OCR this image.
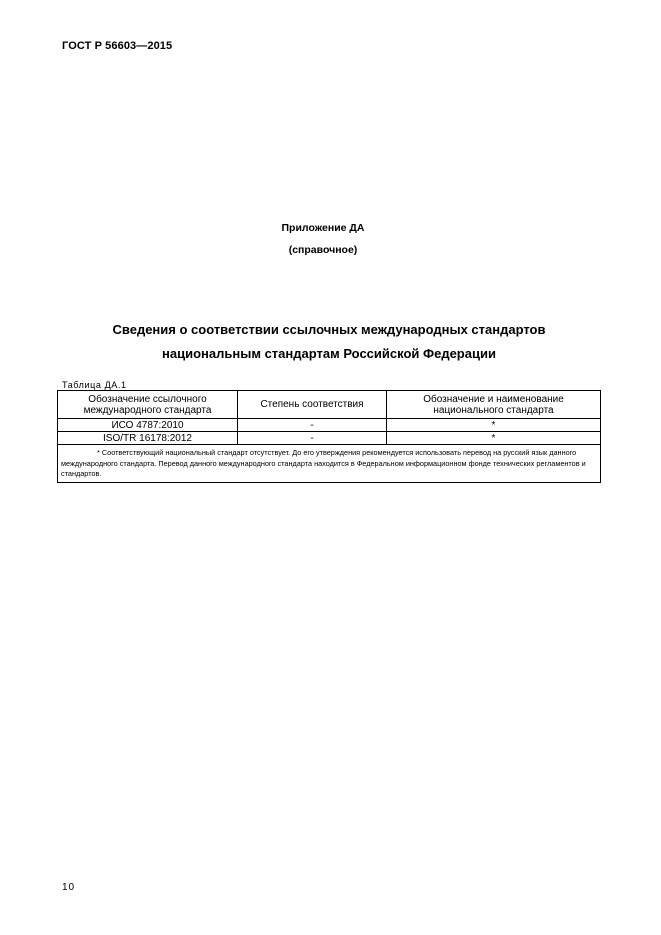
ГОСТ Р 56603—2015
Приложение ДА
(справочное)
Сведения о соответствии ссылочных международных стандартов
национальным стандартам Российской Федерации
Таблица ДА.1
Обозначение ссылочного международного стандарта	Степень соответствия	Обозначение и наименование национального стандарта
ИСО 4787:2010	-	*
ISO/TR 16178:2012	-	*
* Соответствующий национальный стандарт отсутствует. До его утверждения рекомендуется использовать перевод на русский язык данного международного стандарта. Перевод данного международного стандарта находится в Федеральном информационном фонде технических регламентов и стандартов.		
10
